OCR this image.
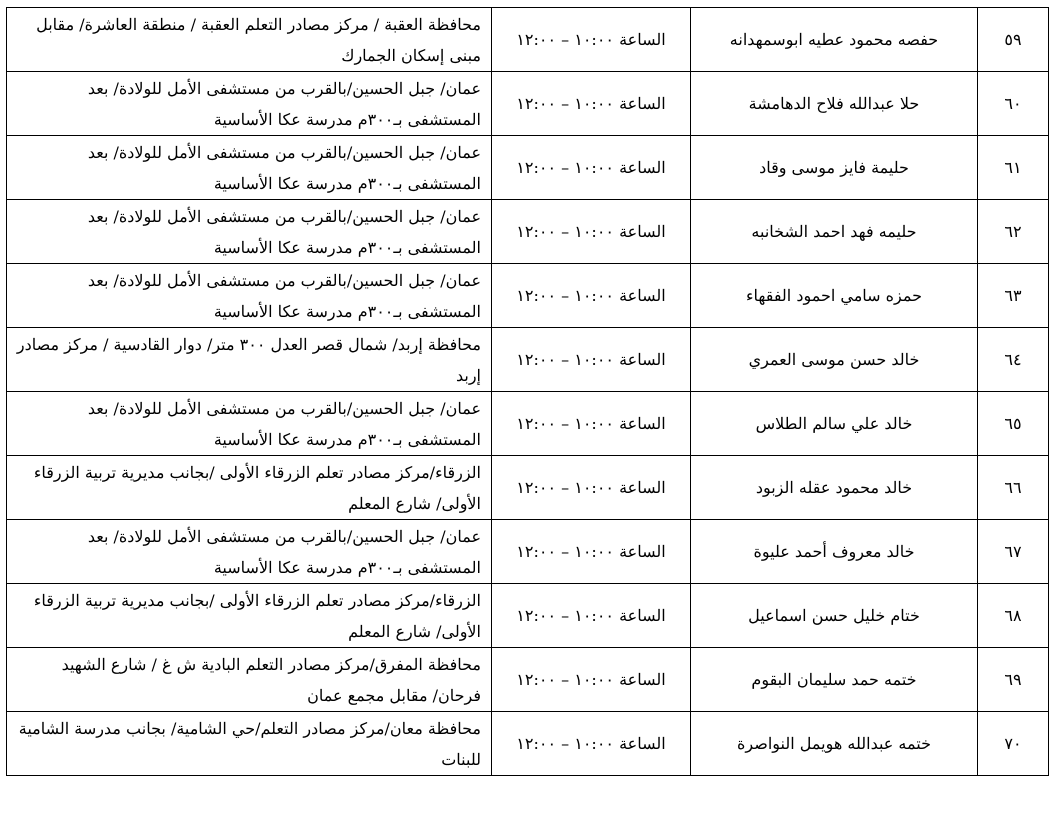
٥٩	حفصه محمود عطيه ابوسمهدانه	الساعة ١٠:٠٠ – ١٢:٠٠	محافظة العقبة / مركز مصادر التعلم العقبة / منطقة العاشرة/ مقابل مبنى إسكان الجمارك
٦٠	حلا عبدالله فلاح الدهامشة	الساعة ١٠:٠٠ – ١٢:٠٠	عمان/ جبل الحسين/بالقرب من مستشفى الأمل للولادة/ بعد المستشفى بـ٣٠٠م مدرسة عكا الأساسية
٦١	حليمة فايز موسى وقاد	الساعة ١٠:٠٠ – ١٢:٠٠	عمان/ جبل الحسين/بالقرب من مستشفى الأمل للولادة/ بعد المستشفى بـ٣٠٠م مدرسة عكا الأساسية
٦٢	حليمه فهد احمد الشخانبه	الساعة ١٠:٠٠ – ١٢:٠٠	عمان/ جبل الحسين/بالقرب من مستشفى الأمل للولادة/ بعد المستشفى بـ٣٠٠م مدرسة عكا الأساسية
٦٣	حمزه سامي احمود الفقهاء	الساعة ١٠:٠٠ – ١٢:٠٠	عمان/ جبل الحسين/بالقرب من مستشفى الأمل للولادة/ بعد المستشفى بـ٣٠٠م مدرسة عكا الأساسية
٦٤	خالد حسن موسى العمري	الساعة ١٠:٠٠ – ١٢:٠٠	محافظة إربد/ شمال قصر العدل ٣٠٠ متر/ دوار القادسية / مركز مصادر إربد
٦٥	خالد علي سالم الطلاس	الساعة ١٠:٠٠ – ١٢:٠٠	عمان/ جبل الحسين/بالقرب من مستشفى الأمل للولادة/ بعد المستشفى بـ٣٠٠م مدرسة عكا الأساسية
٦٦	خالد محمود عقله الزبود	الساعة ١٠:٠٠ – ١٢:٠٠	الزرقاء/مركز مصادر تعلم الزرقاء الأولى /بجانب مديرية تربية الزرقاء الأولى/ شارع المعلم
٦٧	خالد معروف أحمد عليوة	الساعة ١٠:٠٠ – ١٢:٠٠	عمان/ جبل الحسين/بالقرب من مستشفى الأمل للولادة/ بعد المستشفى بـ٣٠٠م مدرسة عكا الأساسية
٦٨	ختام خليل حسن اسماعيل	الساعة ١٠:٠٠ – ١٢:٠٠	الزرقاء/مركز مصادر تعلم الزرقاء الأولى /بجانب مديرية تربية الزرقاء الأولى/ شارع المعلم
٦٩	ختمه حمد سليمان البقوم	الساعة ١٠:٠٠ – ١٢:٠٠	محافظة المفرق/مركز مصادر التعلم البادية ش غ / شارع الشهيد فرحان/ مقابل مجمع عمان
٧٠	ختمه عبدالله هويمل النواصرة	الساعة ١٠:٠٠ – ١٢:٠٠	محافظة معان/مركز مصادر التعلم/حي الشامية/ بجانب مدرسة الشامية للبنات
